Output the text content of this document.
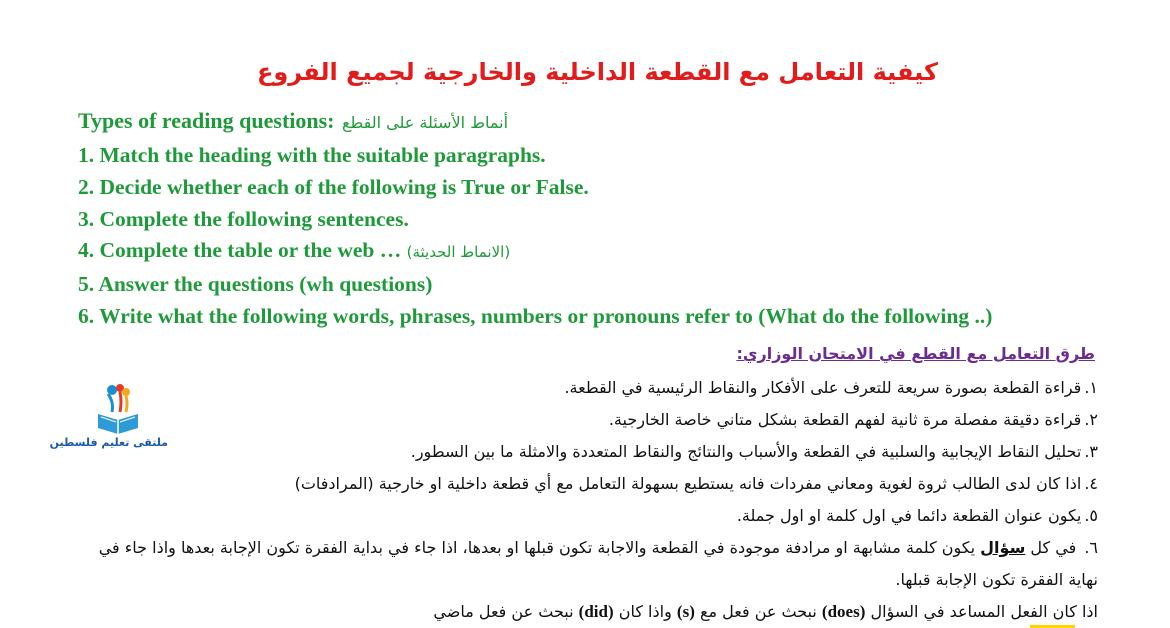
كيفية التعامل مع القطعة الداخلية والخارجية لجميع الفروع
Types of reading questions: أنماط الأسئلة على القطع
1. Match the heading with the suitable paragraphs.
2. Decide whether each of the following is True or False.
3. Complete the following sentences.
4. Complete the table or the web … (الانماط الحديثة)
5. Answer the questions (wh questions)
6. Write what the following words, phrases, numbers or pronouns refer to (What do the following ..)
طرق التعامل مع القطع في الامتحان الوزاري:
١.قراءة القطعة بصورة سريعة للتعرف على الأفكار والنقاط الرئيسية في القطعة.
٢.قراءة دقيقة مفصلة مرة ثانية لفهم القطعة بشكل متاني خاصة الخارجية.
٣.تحليل النقاط الإيجابية والسلبية في القطعة والأسباب والنتائج والنقاط المتعددة والامثلة ما بين السطور.
٤.اذا كان لدى الطالب ثروة لغوية ومعاني مفردات فانه يستطيع بسهولة التعامل مع أي قطعة داخلية او خارجية (المرادفات)
٥.يكون عنوان القطعة دائما في اول كلمة او اول جملة.
٦. في كل سؤال يكون كلمة مشابهة او مرادفة موجودة في القطعة والاجابة تكون قبلها او بعدها، اذا جاء في بداية الفقرة تكون الإجابة بعدها واذا جاء في نهاية الفقرة تكون الإجابة قبلها.
اذا كان الفعل المساعد في السؤال (does) نبحث عن فعل مع (s) واذا كان (did) نبحث عن فعل ماضي
ملتقى تعليم فلسطين
